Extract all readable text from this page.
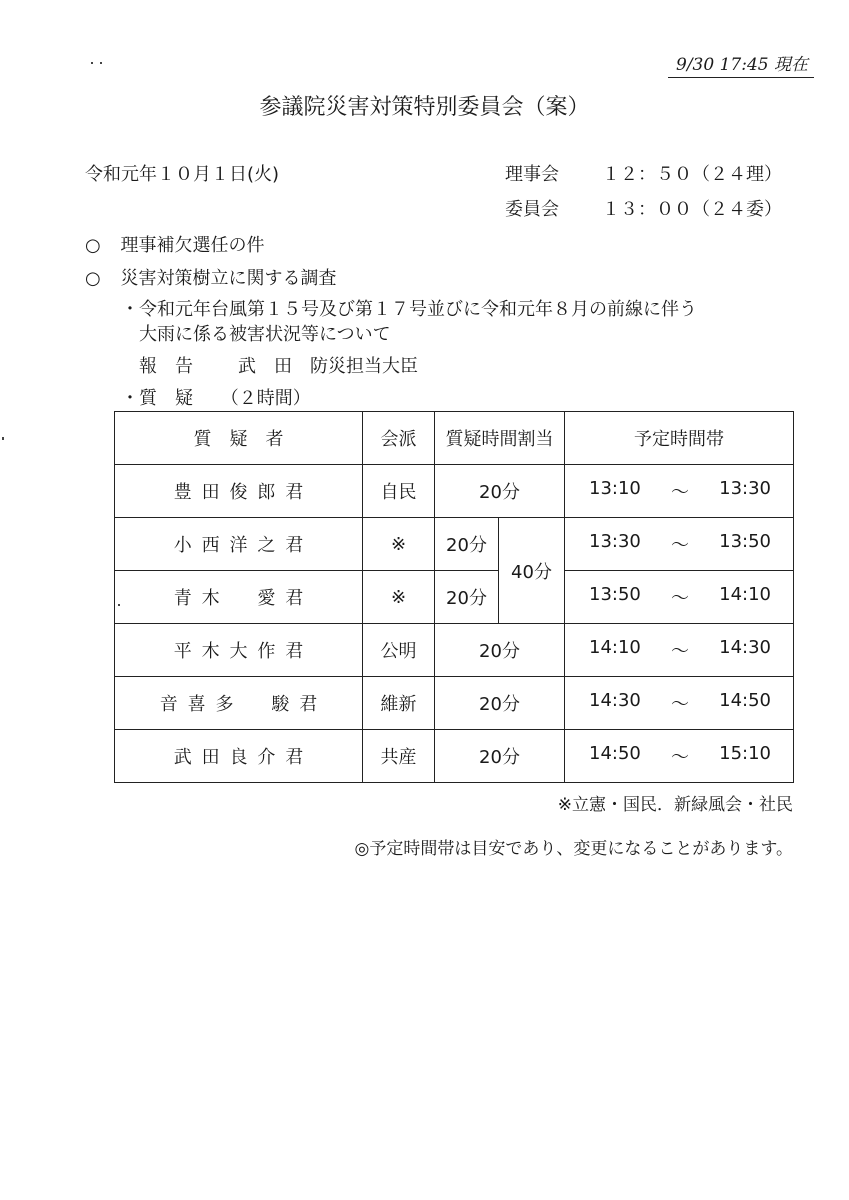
9/30 17:45 現在
参議院災害対策特別委員会（案）
令和元年１０月１日(火)	理事会 １２：５０（２４理）
委員会 １３：００（２４委）
○ 理事補欠選任の件
○ 災害対策樹立に関する調査
・令和元年台風第１５号及び第１７号並びに令和元年８月の前線に伴う
大雨に係る被害状況等について
報　告	武　田　防災担当大臣
・質　疑 （２時間）
質　疑　者	会派	質疑時間割当		予定時間帯
豊田俊郎君	自民	20分		13:10 ～ 13:30

小西洋之君	※	20分	40分	13:30 ～ 13:50

青木　愛君	※	20分		13:50 ～ 14:10

平木大作君	公明	20分		14:10 ～ 14:30

音喜多　駿君	維新	20分		14:30 ～ 14:50

武田良介君	共産	20分		14:50 ～ 15:10
※立憲・国民．新緑風会・社民
◎予定時間帯は目安であり、変更になることがあります。
